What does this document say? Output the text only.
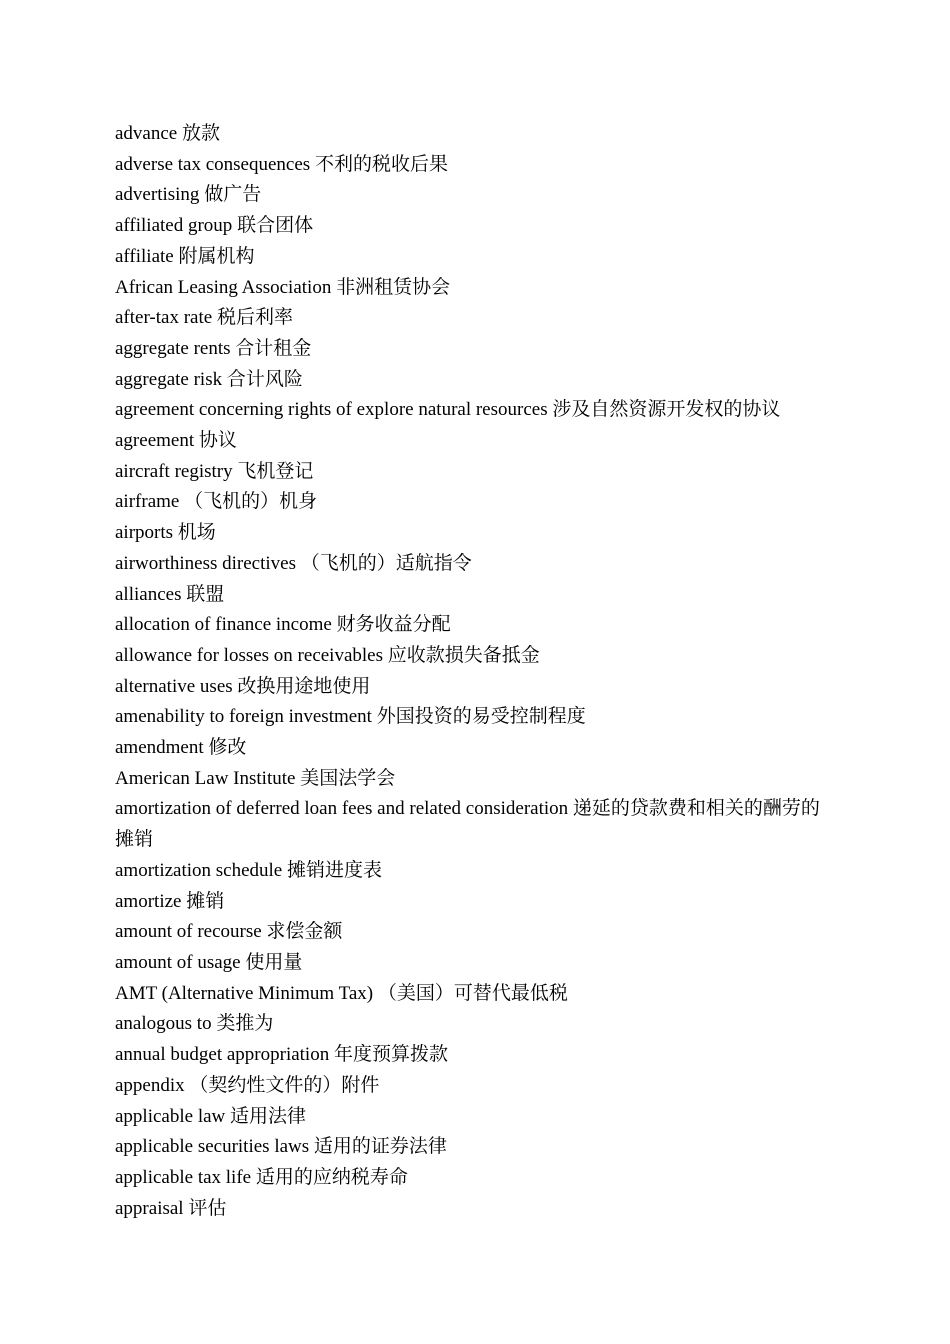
advance 放款
adverse tax consequences 不利的税收后果
advertising 做广告
affiliated group 联合团体
affiliate 附属机构
African Leasing Association 非洲租赁协会
after-tax rate 税后利率
aggregate rents 合计租金
aggregate risk 合计风险
agreement concerning rights of explore natural resources 涉及自然资源开发权的协议
agreement 协议
aircraft registry 飞机登记
airframe （飞机的）机身
airports 机场
airworthiness directives （飞机的）适航指令
alliances 联盟
allocation of finance income 财务收益分配
allowance for losses on receivables 应收款损失备抵金
alternative uses 改换用途地使用
amenability to foreign investment 外国投资的易受控制程度
amendment 修改
American Law Institute 美国法学会
amortization of deferred loan fees and related consideration 递延的贷款费和相关的酬劳的摊销
amortization schedule 摊销进度表
amortize 摊销
amount of recourse 求偿金额
amount of usage 使用量
AMT (Alternative Minimum Tax) （美国）可替代最低税
analogous to 类推为
annual budget appropriation 年度预算拨款
appendix （契约性文件的）附件
applicable law 适用法律
applicable securities laws 适用的证券法律
applicable tax life 适用的应纳税寿命
appraisal 评估
